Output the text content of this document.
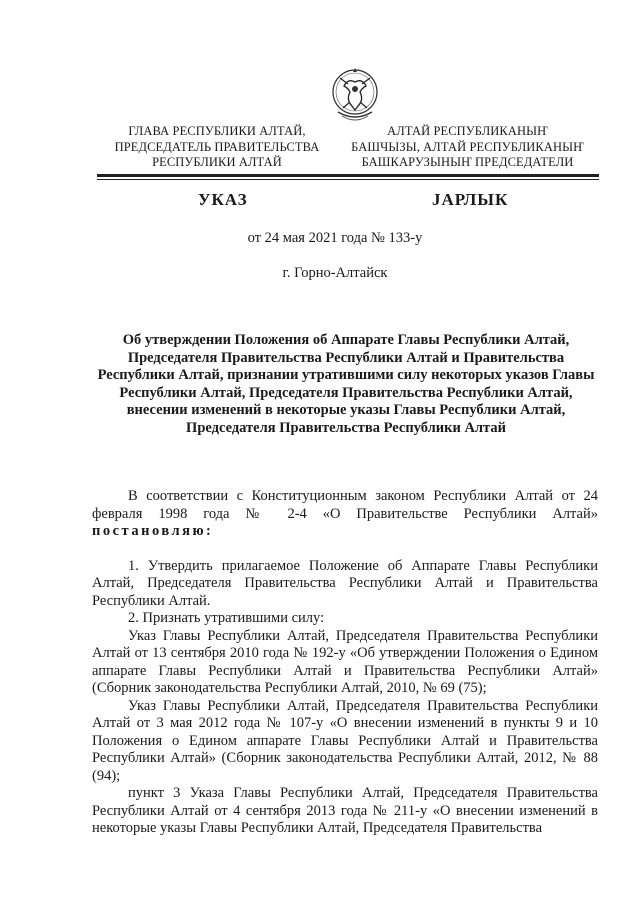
ГЛАВА РЕСПУБЛИКИ АЛТАЙ,
ПРЕДСЕДАТЕЛЬ ПРАВИТЕЛЬСТВА
РЕСПУБЛИКИ АЛТАЙ
АЛТАЙ РЕСПУБЛИКАНЫҤ
БАШЧЫЗЫ, АЛТАЙ РЕСПУБЛИКАНЫҤ
БАШКАРУЗЫНЫҤ ПРЕДСЕДАТЕЛИ
УКАЗ	JАРЛЫК
от 24 мая 2021 года № 133-у
г. Горно-Алтайск
Об утверждении Положения об Аппарате Главы Республики Алтай, Председателя Правительства Республики Алтай и Правительства Республики Алтай, признании утратившими силу некоторых указов Главы Республики Алтай, Председателя Правительства Республики Алтай, внесении изменений в некоторые указы Главы Республики Алтай, Председателя Правительства Республики Алтай

В соответствии с Конституционным законом Республики Алтай от 24 февраля 1998 года № 2-4 «О Правительстве Республики Алтай» постановляю:

1. Утвердить прилагаемое Положение об Аппарате Главы Республики Алтай, Председателя Правительства Республики Алтай и Правительства Республики Алтай.

2. Признать утратившими силу:

Указ Главы Республики Алтай, Председателя Правительства Республики Алтай от 13 сентября 2010 года № 192-у «Об утверждении Положения о Едином аппарате Главы Республики Алтай и Правительства Республики Алтай» (Сборник законодательства Республики Алтай, 2010, № 69 (75);

Указ Главы Республики Алтай, Председателя Правительства Республики Алтай от 3 мая 2012 года № 107-у «О внесении изменений в пункты 9 и 10 Положения о Едином аппарате Главы Республики Алтай и Правительства Республики Алтай» (Сборник законодательства Республики Алтай, 2012, № 88 (94);

пункт 3 Указа Главы Республики Алтай, Председателя Правительства Республики Алтай от 4 сентября 2013 года № 211-у «О внесении изменений в некоторые указы Главы Республики Алтай, Председателя Правительства
